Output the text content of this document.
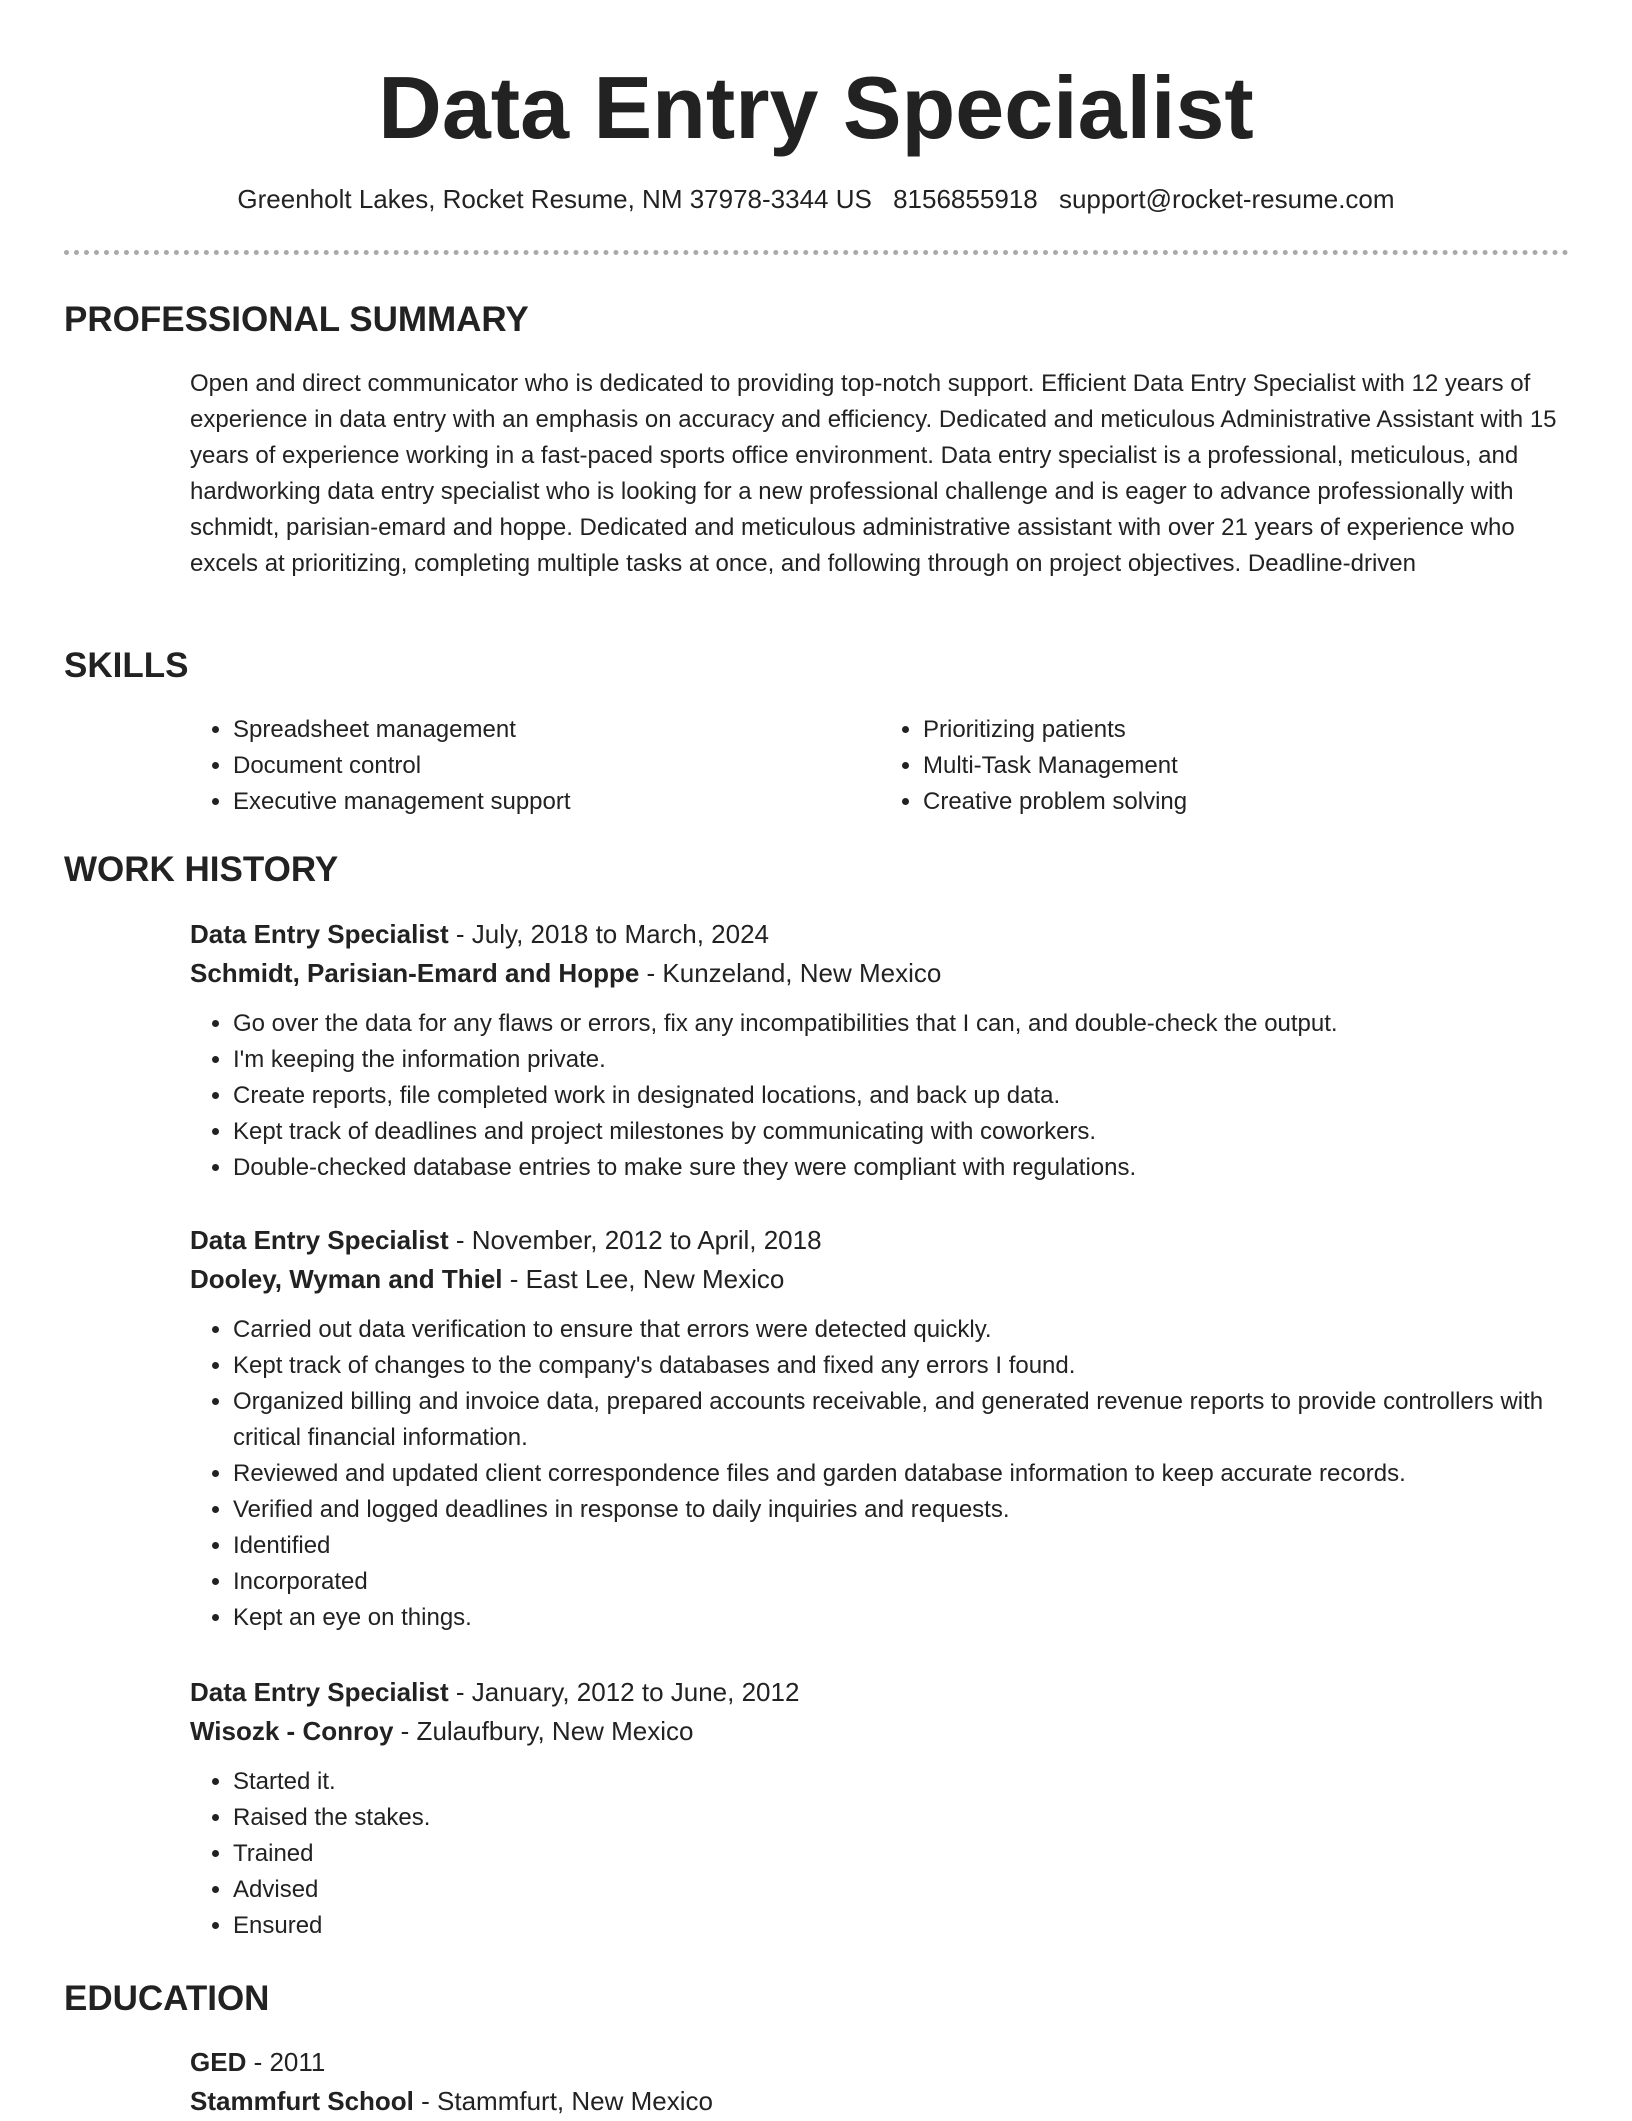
Data Entry Specialist
Greenholt Lakes, Rocket Resume, NM 37978-3344 US 8156855918 support@rocket-resume.com
PROFESSIONAL SUMMARY

Open and direct communicator who is dedicated to providing top-notch support. Efficient Data Entry Specialist with 12 years of experience in data entry with an emphasis on accuracy and efficiency. Dedicated and meticulous Administrative Assistant with 15 years of experience working in a fast-paced sports office environment. Data entry specialist is a professional, meticulous, and hardworking data entry specialist who is looking for a new professional challenge and is eager to advance professionally with schmidt, parisian-emard and hoppe. Dedicated and meticulous administrative assistant with over 21 years of experience who excels at prioritizing, completing multiple tasks at once, and following through on project objectives. Deadline-driven

SKILLS
• Spreadsheet management
• Document control
• Executive management support
• Prioritizing patients
• Multi-Task Management
• Creative problem solving
WORK HISTORY

Data Entry Specialist - July, 2018 to March, 2024

Schmidt, Parisian-Emard and Hoppe - Kunzeland, New Mexico

• Go over the data for any flaws or errors, fix any incompatibilities that I can, and double-check the output.
• I'm keeping the information private.
• Create reports, file completed work in designated locations, and back up data.
• Kept track of deadlines and project milestones by communicating with coworkers.
• Double-checked database entries to make sure they were compliant with regulations.

Data Entry Specialist - November, 2012 to April, 2018

Dooley, Wyman and Thiel - East Lee, New Mexico

• Carried out data verification to ensure that errors were detected quickly.
• Kept track of changes to the company's databases and fixed any errors I found.
• Organized billing and invoice data, prepared accounts receivable, and generated revenue reports to provide controllers with critical financial information.
• Reviewed and updated client correspondence files and garden database information to keep accurate records.
• Verified and logged deadlines in response to daily inquiries and requests.
• Identified
• Incorporated
• Kept an eye on things.

Data Entry Specialist - January, 2012 to June, 2012

Wisozk - Conroy - Zulaufbury, New Mexico

• Started it.
• Raised the stakes.
• Trained
• Advised
• Ensured
EDUCATION

GED - 2011

Stammfurt School - Stammfurt, New Mexico
